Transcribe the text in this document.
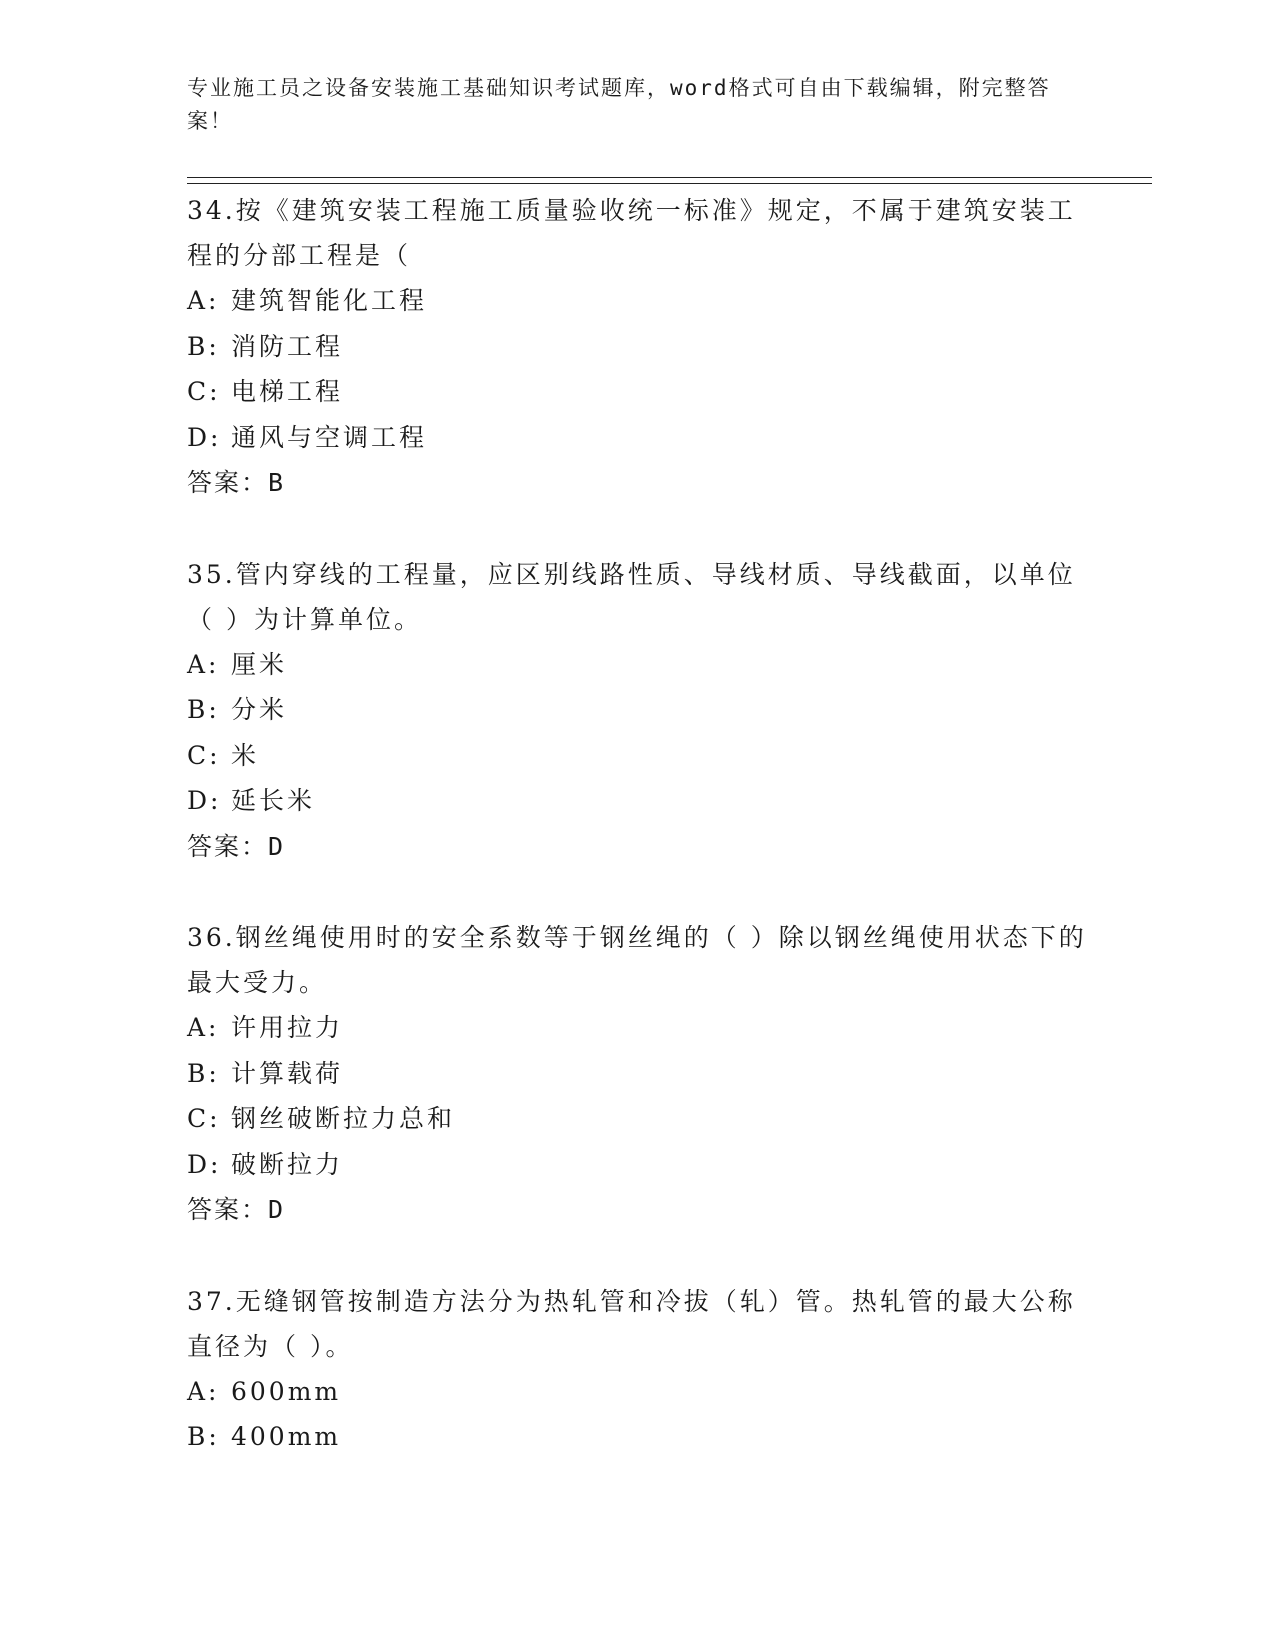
专业施工员之设备安装施工基础知识考试题库，word格式可自由下载编辑，附完整答案！

34.按《建筑安装工程施工质量验收统一标准》规定，不属于建筑安装工程的分部工程是（

A: 建筑智能化工程

B: 消防工程

C: 电梯工程

D: 通风与空调工程

答案：B

35.管内穿线的工程量，应区别线路性质、导线材质、导线截面，以单位（ ）为计算单位。

A: 厘米

B: 分米

C: 米

D: 延长米

答案：D

36.钢丝绳使用时的安全系数等于钢丝绳的（ ）除以钢丝绳使用状态下的最大受力。

A: 许用拉力

B: 计算载荷

C: 钢丝破断拉力总和

D: 破断拉力

答案：D

37.无缝钢管按制造方法分为热轧管和冷拔（轧）管。热轧管的最大公称直径为（ ）。

A: 600mm

B: 400mm
